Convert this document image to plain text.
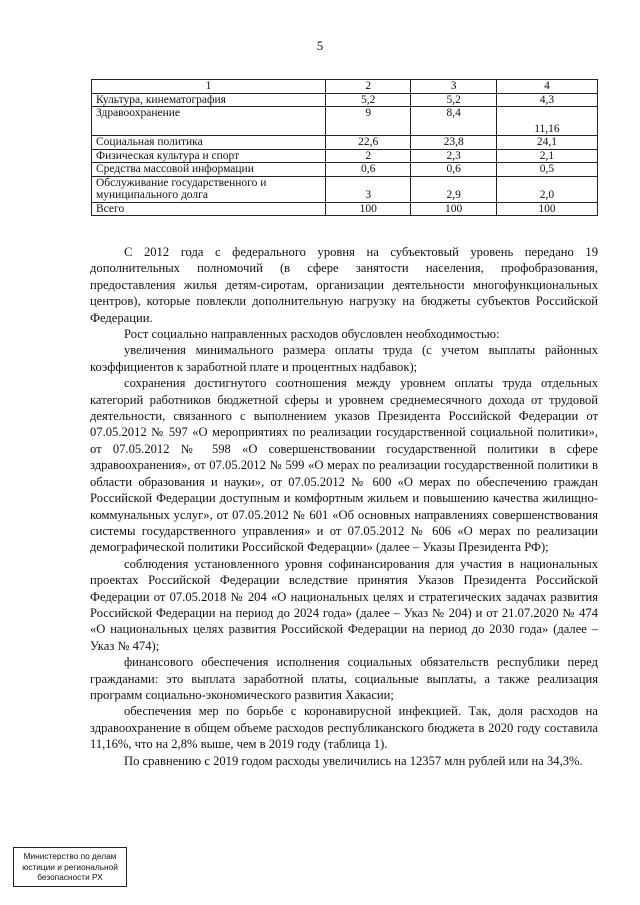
5
1	2	3	4
Культура, кинематография	5,2	5,2	4,3
Здравоохранение	9	8,4	11,16
Социальная политика	22,6	23,8	24,1
Физическая культура и спорт	2	2,3	2,1
Средства массовой информации	0,6	0,6	0,5
Обслуживание государственного и муниципального долга	3	2,9	2,0
Всего	100	100	100

С 2012 года с федерального уровня на субъектовый уровень передано 19 дополнительных полномочий (в сфере занятости населения, профобразования, предоставления жилья детям-сиротам, организации деятельности многофункциональных центров), которые повлекли дополнительную нагрузку на бюджеты субъектов Российской Федерации.

Рост социально направленных расходов обусловлен необходимостью:

увеличения минимального размера оплаты труда (с учетом выплаты районных коэффициентов к заработной плате и процентных надбавок);

сохранения достигнутого соотношения между уровнем оплаты труда отдельных категорий работников бюджетной сферы и уровнем среднемесячного дохода от трудовой деятельности, связанного с выполнением указов Президента Российской Федерации от 07.05.2012 № 597 «О мероприятиях по реализации государственной социальной политики», от 07.05.2012 № 598 «О совершенствовании государственной политики в сфере здравоохранения», от 07.05.2012 № 599 «О мерах по реализации государственной политики в области образования и науки», от 07.05.2012 № 600 «О мерах по обеспечению граждан Российской Федерации доступным и комфортным жильем и повышению качества жилищно-коммунальных услуг», от 07.05.2012 № 601 «Об основных направлениях совершенствования системы государственного управления» и от 07.05.2012 № 606 «О мерах по реализации демографической политики Российской Федерации» (далее – Указы Президента РФ);

соблюдения установленного уровня софинансирования для участия в национальных проектах Российской Федерации вследствие принятия Указов Президента Российской Федерации от 07.05.2018 № 204 «О национальных целях и стратегических задачах развития Российской Федерации на период до 2024 года» (далее – Указ № 204) и от 21.07.2020 № 474 «О национальных целях развития Российской Федерации на период до 2030 года» (далее – Указ № 474);

финансового обеспечения исполнения социальных обязательств республики перед гражданами: это выплата заработной платы, социальные выплаты, а также реализация программ социально-экономического развития Хакасии;

обеспечения мер по борьбе с коронавирусной инфекцией. Так, доля расходов на здравоохранение в общем объеме расходов республиканского бюджета в 2020 году составила 11,16%, что на 2,8% выше, чем в 2019 году (таблица 1).

По сравнению с 2019 годом расходы увеличились на 12357 млн рублей или на 34,3%.

Министерство по делам
юстиции и региональной
безопасности РХ
